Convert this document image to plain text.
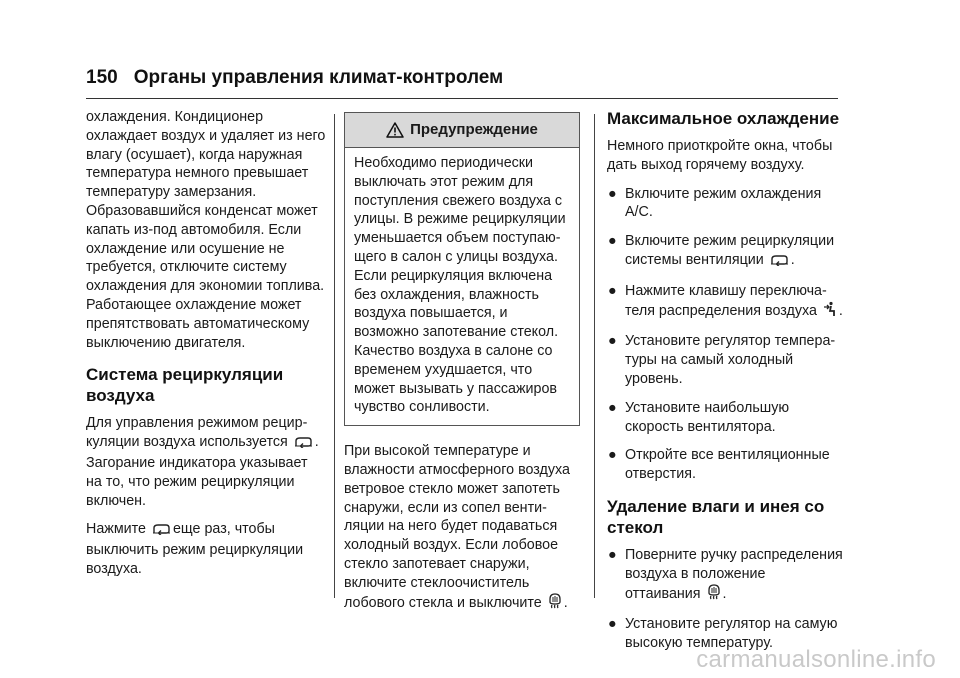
150 Органы управления климат-контролем

охлаждения. Кондиционер охлаждает воздух и удаляет из него влагу (осушает), когда наружная температура немного превышает температуру замерзания. Образовавшийся конденсат может капать из-под автомобиля. Если охлаждение или осушение не требуется, отключите систему охлаждения для экономии топлива. Работающее охлаждение может препятствовать автоматическому выключению двигателя.

Система рециркуляции воздуха

Для управления режимом рециркуляции воздуха используется . Загорание индикатора указывает на то, что режим рециркуляции включен.

Нажмите еще раз, чтобы выключить режим рециркуляции воздуха.

Предупреждение
Необходимо периодически выключать этот режим для поступления свежего воздуха с улицы. В режиме рециркуляции уменьшается объем поступающего в салон с улицы воздуха. Если рециркуляция включена без охлаждения, влажность воздуха повышается, и возможно запотевание стекол. Качество воздуха в салоне со временем ухудшается, что может вызывать у пассажиров чувство сонливости.

При высокой температуре и влажности атмосферного воздуха ветровое стекло может запотеть снаружи, если из сопел вентиляции на него будет подаваться холодный воздух. Если лобовое стекло запотевает снаружи, включите стеклоочиститель лобового стекла и выключите .

Максимальное охлаждение

Немного приоткройте окна, чтобы дать выход горячему воздуху.

● Включите режим охлаждения A/C.
● Включите режим рециркуляции системы вентиляции .
● Нажмите клавишу переключателя распределения воздуха .
● Установите регулятор температуры на самый холодный уровень.
● Установите наибольшую скорость вентилятора.
● Откройте все вентиляционные отверстия.
Удаление влаги и инея со стекол
● Поверните ручку распределения воздуха в положение оттаивания .
● Установите регулятор на самую высокую температуру.
carmanualsonline.info
